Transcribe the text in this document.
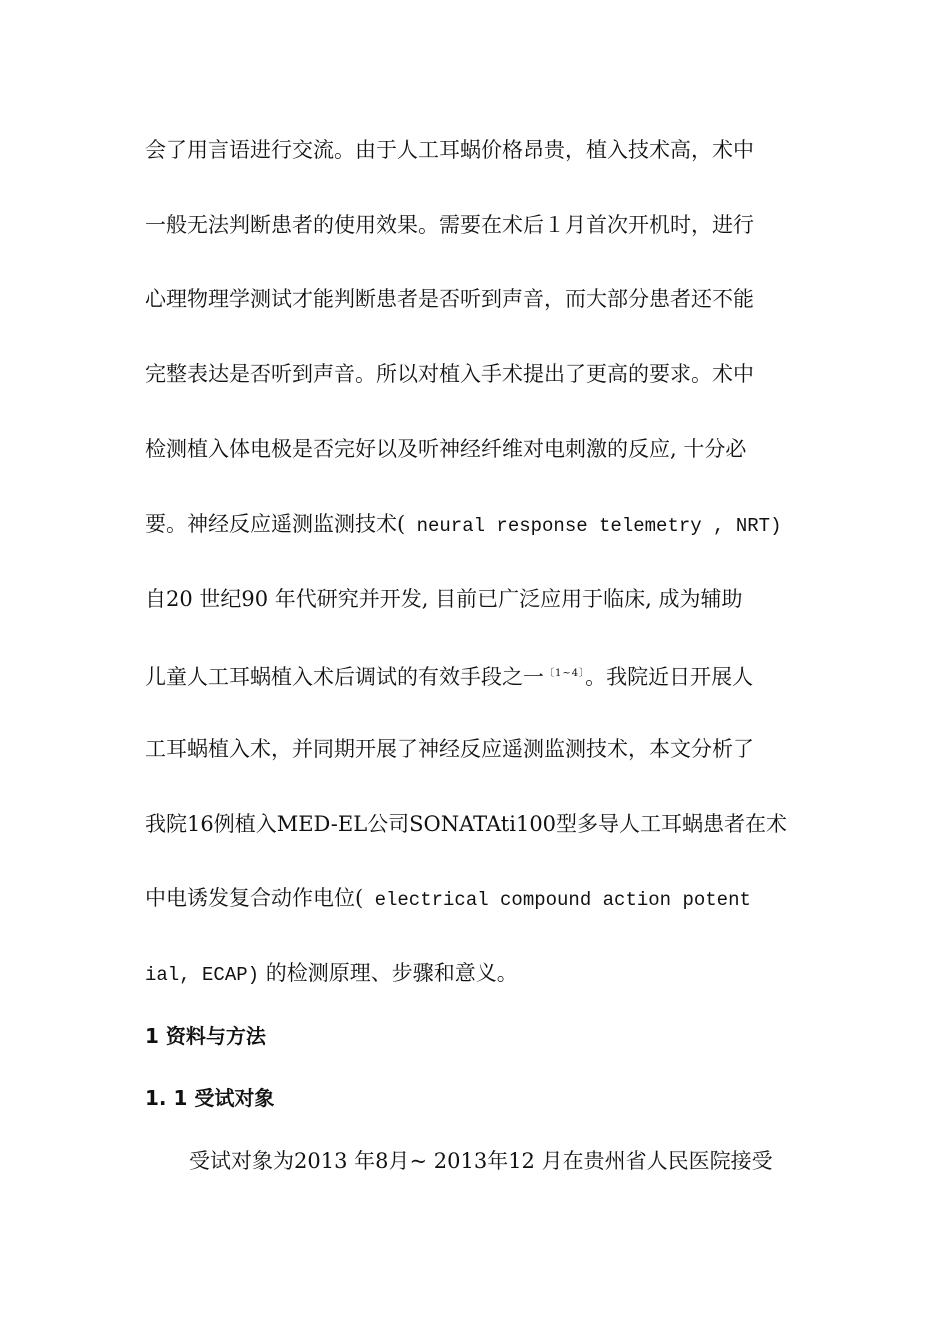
会了用言语进行交流。由于人工耳蜗价格昂贵，植入技术高，术中
一般无法判断患者的使用效果。需要在术后１月首次开机时，进行
心理物理学测试才能判断患者是否听到声音，而大部分患者还不能
完整表达是否听到声音。所以对植入手术提出了更高的要求。术中
检测植入体电极是否完好以及听神经纤维对电刺激的反应, 十分必
要。神经反应遥测监测技术( neural response telemetry , NRT)
自20 世纪90 年代研究并开发, 目前已广泛应用于临床, 成为辅助
儿童人工耳蜗植入术后调试的有效手段之一$^{〔1\sim 4〕}$。我院近日开展人
工耳蜗植入术，并同期开展了神经反应遥测监测技术，本文分析了
我院16例植入MED-EL公司SONATAti100型多导人工耳蜗患者在术
中电诱发复合动作电位( electrical compound action potent
ial, ECAP) 的检测原理、步骤和意义。
1 资料与方法
1. 1 受试对象
受试对象为2013 年8月~ 2013年12 月在贵州省人民医院接受
